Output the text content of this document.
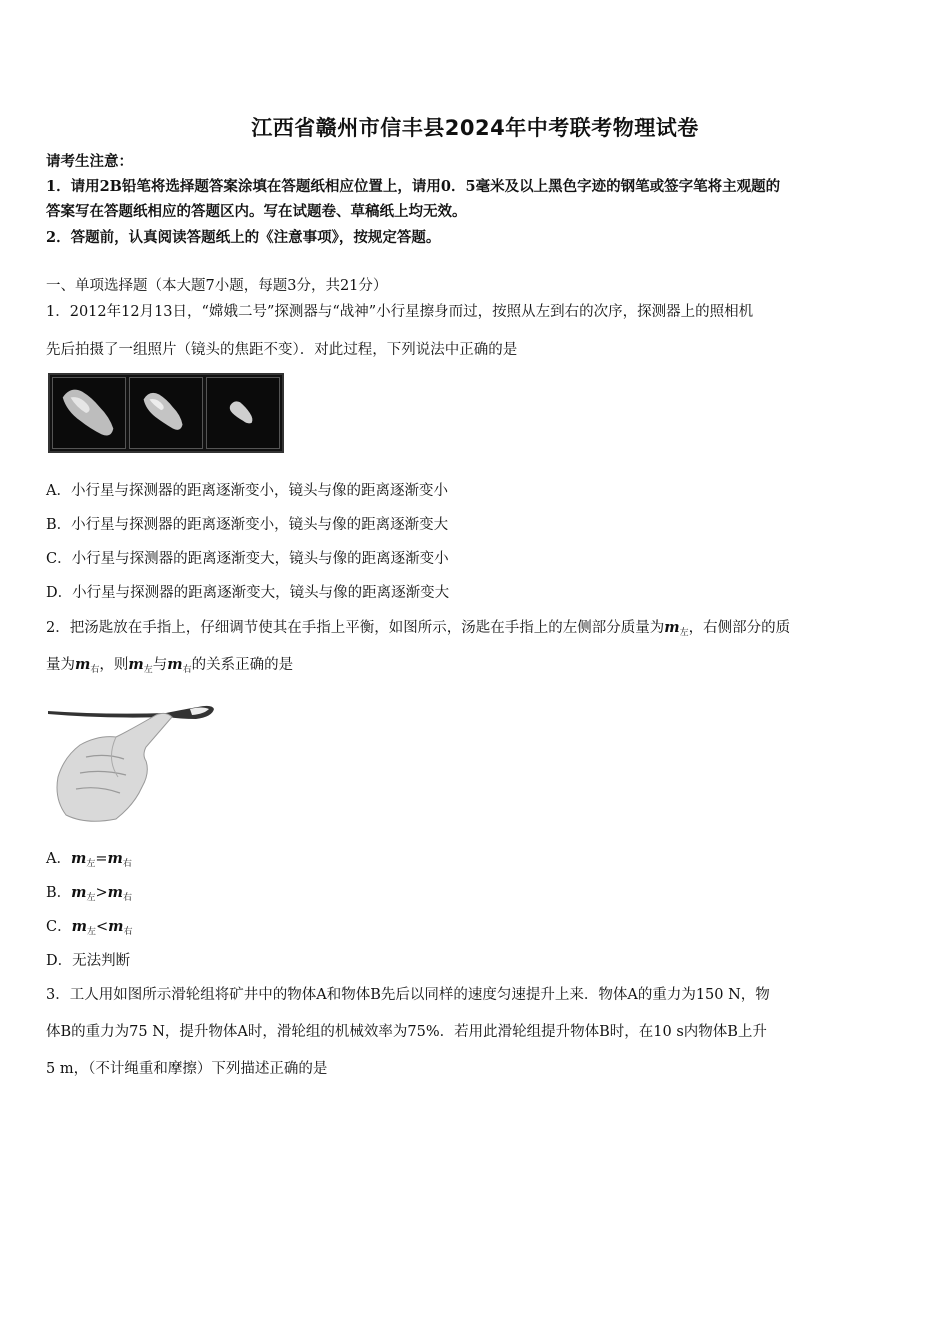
江西省赣州市信丰县2024年中考联考物理试卷
请考生注意：
1．请用2B铅笔将选择题答案涂填在答题纸相应位置上，请用0．5毫米及以上黑色字迹的钢笔或签字笔将主观题的
答案写在答题纸相应的答题区内。写在试题卷、草稿纸上均无效。
2．答题前，认真阅读答题纸上的《注意事项》，按规定答题。
一、单项选择题（本大题7小题，每题3分，共21分）
1．2012年12月13日，“嫦娥二号”探测器与“战神”小行星擦身而过，按照从左到右的次序，探测器上的照相机
先后拍摄了一组照片（镜头的焦距不变）．对此过程，下列说法中正确的是
A．小行星与探测器的距离逐渐变小，镜头与像的距离逐渐变小
B．小行星与探测器的距离逐渐变小，镜头与像的距离逐渐变大
C．小行星与探测器的距离逐渐变大，镜头与像的距离逐渐变小
D．小行星与探测器的距离逐渐变大，镜头与像的距离逐渐变大
2．把汤匙放在手指上，仔细调节使其在手指上平衡，如图所示，汤匙在手指上的左侧部分质量为$m_左$，右侧部分的质
量为$m_右$，则$m_左$与$m_右$的关系正确的是
A．$m_左=m_右$
B．$m_左>m_右$
C．$m_左<m_右$
D．无法判断
3．工人用如图所示滑轮组将矿井中的物体A和物体B先后以同样的速度匀速提升上来．物体A的重力为150 N，物
体B的重力为75 N，提升物体A时，滑轮组的机械效率为75%．若用此滑轮组提升物体B时，在10 s内物体B上升
5 m，（不计绳重和摩擦）下列描述正确的是
